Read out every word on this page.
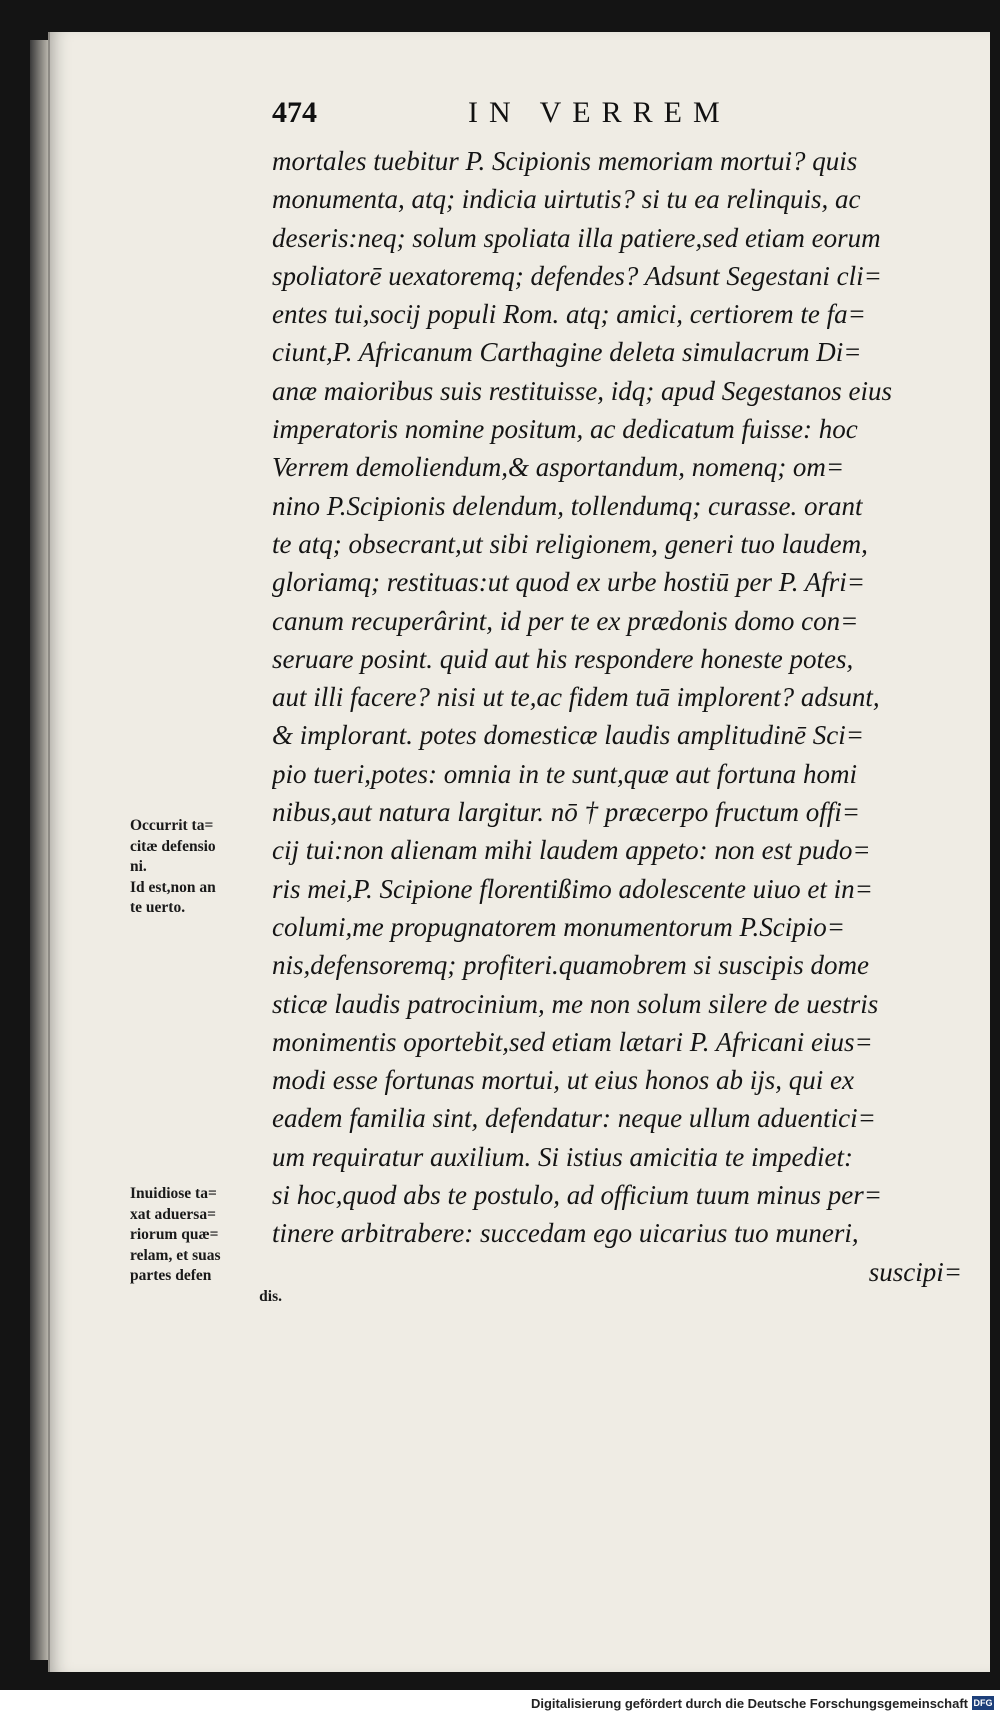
474	IN VERREM
mortales tuebitur P. Scipionis memoriam mortui? quis
monumenta, atq; indicia uirtutis? si tu ea relinquis, ac
deseris:neq; solum spoliata illa patiere,sed etiam eorum
spoliatorē uexatoremq; defendes? Adsunt Segestani cli=
entes tui,socij populi Rom. atq; amici, certiorem te fa=
ciunt,P. Africanum Carthagine deleta simulacrum Di=
anæ maioribus suis restituisse, idq; apud Segestanos eius
imperatoris nomine positum, ac dedicatum fuisse: hoc
Verrem demoliendum,& asportandum, nomenq; om=
nino P.Scipionis delendum, tollendumq; curasse. orant
te atq; obsecrant,ut sibi religionem, generi tuo laudem,
gloriamq; restituas:ut quod ex urbe hostiū per P. Afri=
canum recuperârint, id per te ex prædonis domo con=
seruare posint. quid aut his respondere honeste potes,
aut illi facere? nisi ut te,ac fidem tuā implorent? adsunt,
& implorant. potes domesticæ laudis amplitudinē Sci=
pio tueri,potes: omnia in te sunt,quæ aut fortuna homi
nibus,aut natura largitur. nō † præcerpo fructum offi=
cij tui:non alienam mihi laudem appeto: non est pudo=
ris mei,P. Scipione florentißimo adolescente uiuo et in=
columi,me propugnatorem monumentorum P.Scipio=
nis,defensoremq; profiteri.quamobrem si suscipis dome
sticæ laudis patrocinium, me non solum silere de uestris
monimentis oportebit,sed etiam lætari P. Africani eius=
modi esse fortunas mortui, ut eius honos ab ijs, qui ex
eadem familia sint, defendatur: neque ullum aduentici=
um requiratur auxilium. Si istius amicitia te impediet:
si hoc,quod abs te postulo, ad officium tuum minus per=
tinere arbitrabere: succedam ego uicarius tuo muneri,
suscipi=
Occurrit ta=
citæ defensio
ni.
Id est,non an
te uerto.
Inuidiose ta=
xat aduersa=
riorum quæ=
relam, et suas
partes defen
dis.
Digitalisierung gefördert durch die Deutsche Forschungsgemeinschaft DFG
